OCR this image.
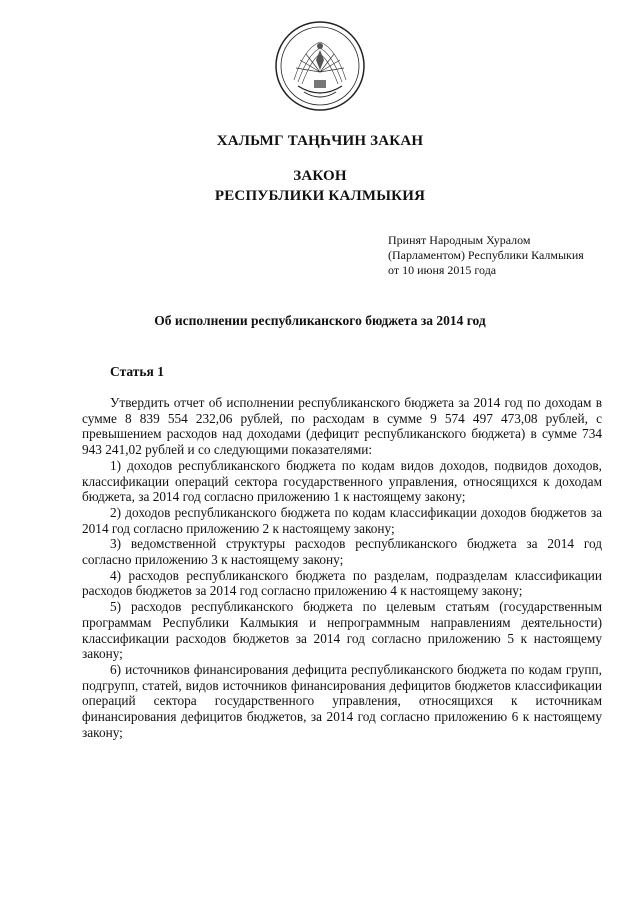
ХАЛЬМГ ТАҢҺЧИН ЗАКАН
ЗАКОН
РЕСПУБЛИКИ КАЛМЫКИЯ
Принят Народным Хуралом
(Парламентом) Республики Калмыкия
от 10 июня 2015 года
Об исполнении республиканского бюджета за 2014 год
Статья 1

Утвердить отчет об исполнении республиканского бюджета за 2014 год по доходам в сумме 8 839 554 232,06 рублей, по расходам в сумме 9 574 497 473,08 рублей, с превышением расходов над доходами (дефицит республиканского бюджета) в сумме 734 943 241,02 рублей и со следующими показателями:

1) доходов республиканского бюджета по кодам видов доходов, подвидов доходов, классификации операций сектора государственного управления, относящихся к доходам бюджета, за 2014 год согласно приложению 1 к настоящему закону;

2) доходов республиканского бюджета по кодам классификации доходов бюджетов за 2014 год согласно приложению 2 к настоящему закону;

3) ведомственной структуры расходов республиканского бюджета за 2014 год согласно приложению 3 к настоящему закону;

4) расходов республиканского бюджета по разделам, подразделам классификации расходов бюджетов за 2014 год согласно приложению 4 к настоящему закону;

5) расходов республиканского бюджета по целевым статьям (государственным программам Республики Калмыкия и непрограммным направлениям деятельности) классификации расходов бюджетов за 2014 год согласно приложению 5 к настоящему закону;

6) источников финансирования дефицита республиканского бюджета по кодам групп, подгрупп, статей, видов источников финансирования дефицитов бюджетов классификации операций сектора государственного управления, относящихся к источникам финансирования дефицитов бюджетов, за 2014 год согласно приложению 6 к настоящему закону;
